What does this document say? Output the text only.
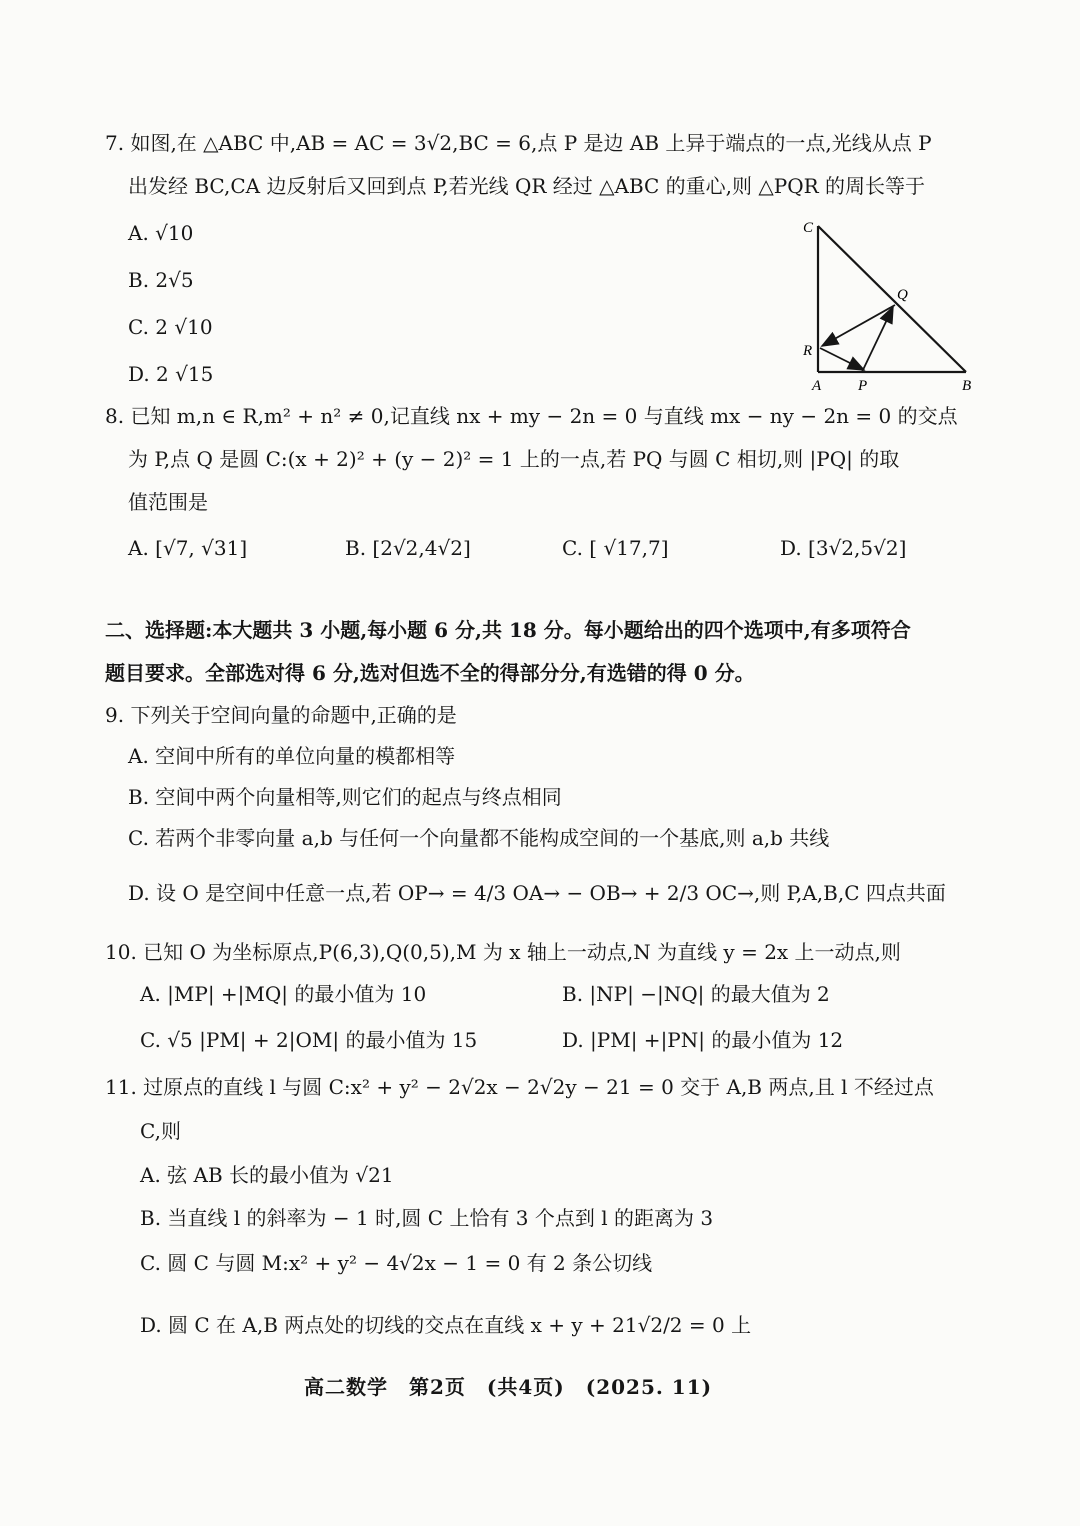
7. 如图,在 △ABC 中,AB = AC = 3√2,BC = 6,点 P 是边 AB 上异于端点的一点,光线从点 P
出发经 BC,CA 边反射后又回到点 P,若光线 QR 经过 △ABC 的重心,则 △PQR 的周长等于
A. √10
B. 2√5
C. 2 √10
D. 2 √15
C
Q
R
A P	B
8. 已知 m,n ∈ R,m² + n² ≠ 0,记直线 nx + my − 2n = 0 与直线 mx − ny − 2n = 0 的交点
为 P,点 Q 是圆 C:(x + 2)² + (y − 2)² = 1 上的一点,若 PQ 与圆 C 相切,则 |PQ| 的取
值范围是
A. [√7, √31]	B. [2√2,4√2]	C. [ √17,7]	D. [3√2,5√2]
二、选择题:本大题共 3 小题,每小题 6 分,共 18 分。每小题给出的四个选项中,有多项符合
题目要求。全部选对得 6 分,选对但选不全的得部分分,有选错的得 0 分。
9. 下列关于空间向量的命题中,正确的是
A. 空间中所有的单位向量的模都相等
B. 空间中两个向量相等,则它们的起点与终点相同
C. 若两个非零向量 a,b 与任何一个向量都不能构成空间的一个基底,则 a,b 共线
D. 设 O 是空间中任意一点,若 OP→ = 4/3 OA→ − OB→ + 2/3 OC→,则 P,A,B,C 四点共面
10. 已知 O 为坐标原点,P(6,3),Q(0,5),M 为 x 轴上一动点,N 为直线 y = 2x 上一动点,则
A. |MP| +|MQ| 的最小值为 10	B. |NP| −|NQ| 的最大值为 2
C. √5 |PM| + 2|OM| 的最小值为 15	D. |PM| +|PN| 的最小值为 12
11. 过原点的直线 l 与圆 C:x² + y² − 2√2x − 2√2y − 21 = 0 交于 A,B 两点,且 l 不经过点
C,则
A. 弦 AB 长的最小值为 √21
B. 当直线 l 的斜率为 − 1 时,圆 C 上恰有 3 个点到 l 的距离为 3
C. 圆 C 与圆 M:x² + y² − 4√2x − 1 = 0 有 2 条公切线
D. 圆 C 在 A,B 两点处的切线的交点在直线 x + y + 21√2/2 = 0 上
高二数学　第2页　(共4页)　(2025. 11)
